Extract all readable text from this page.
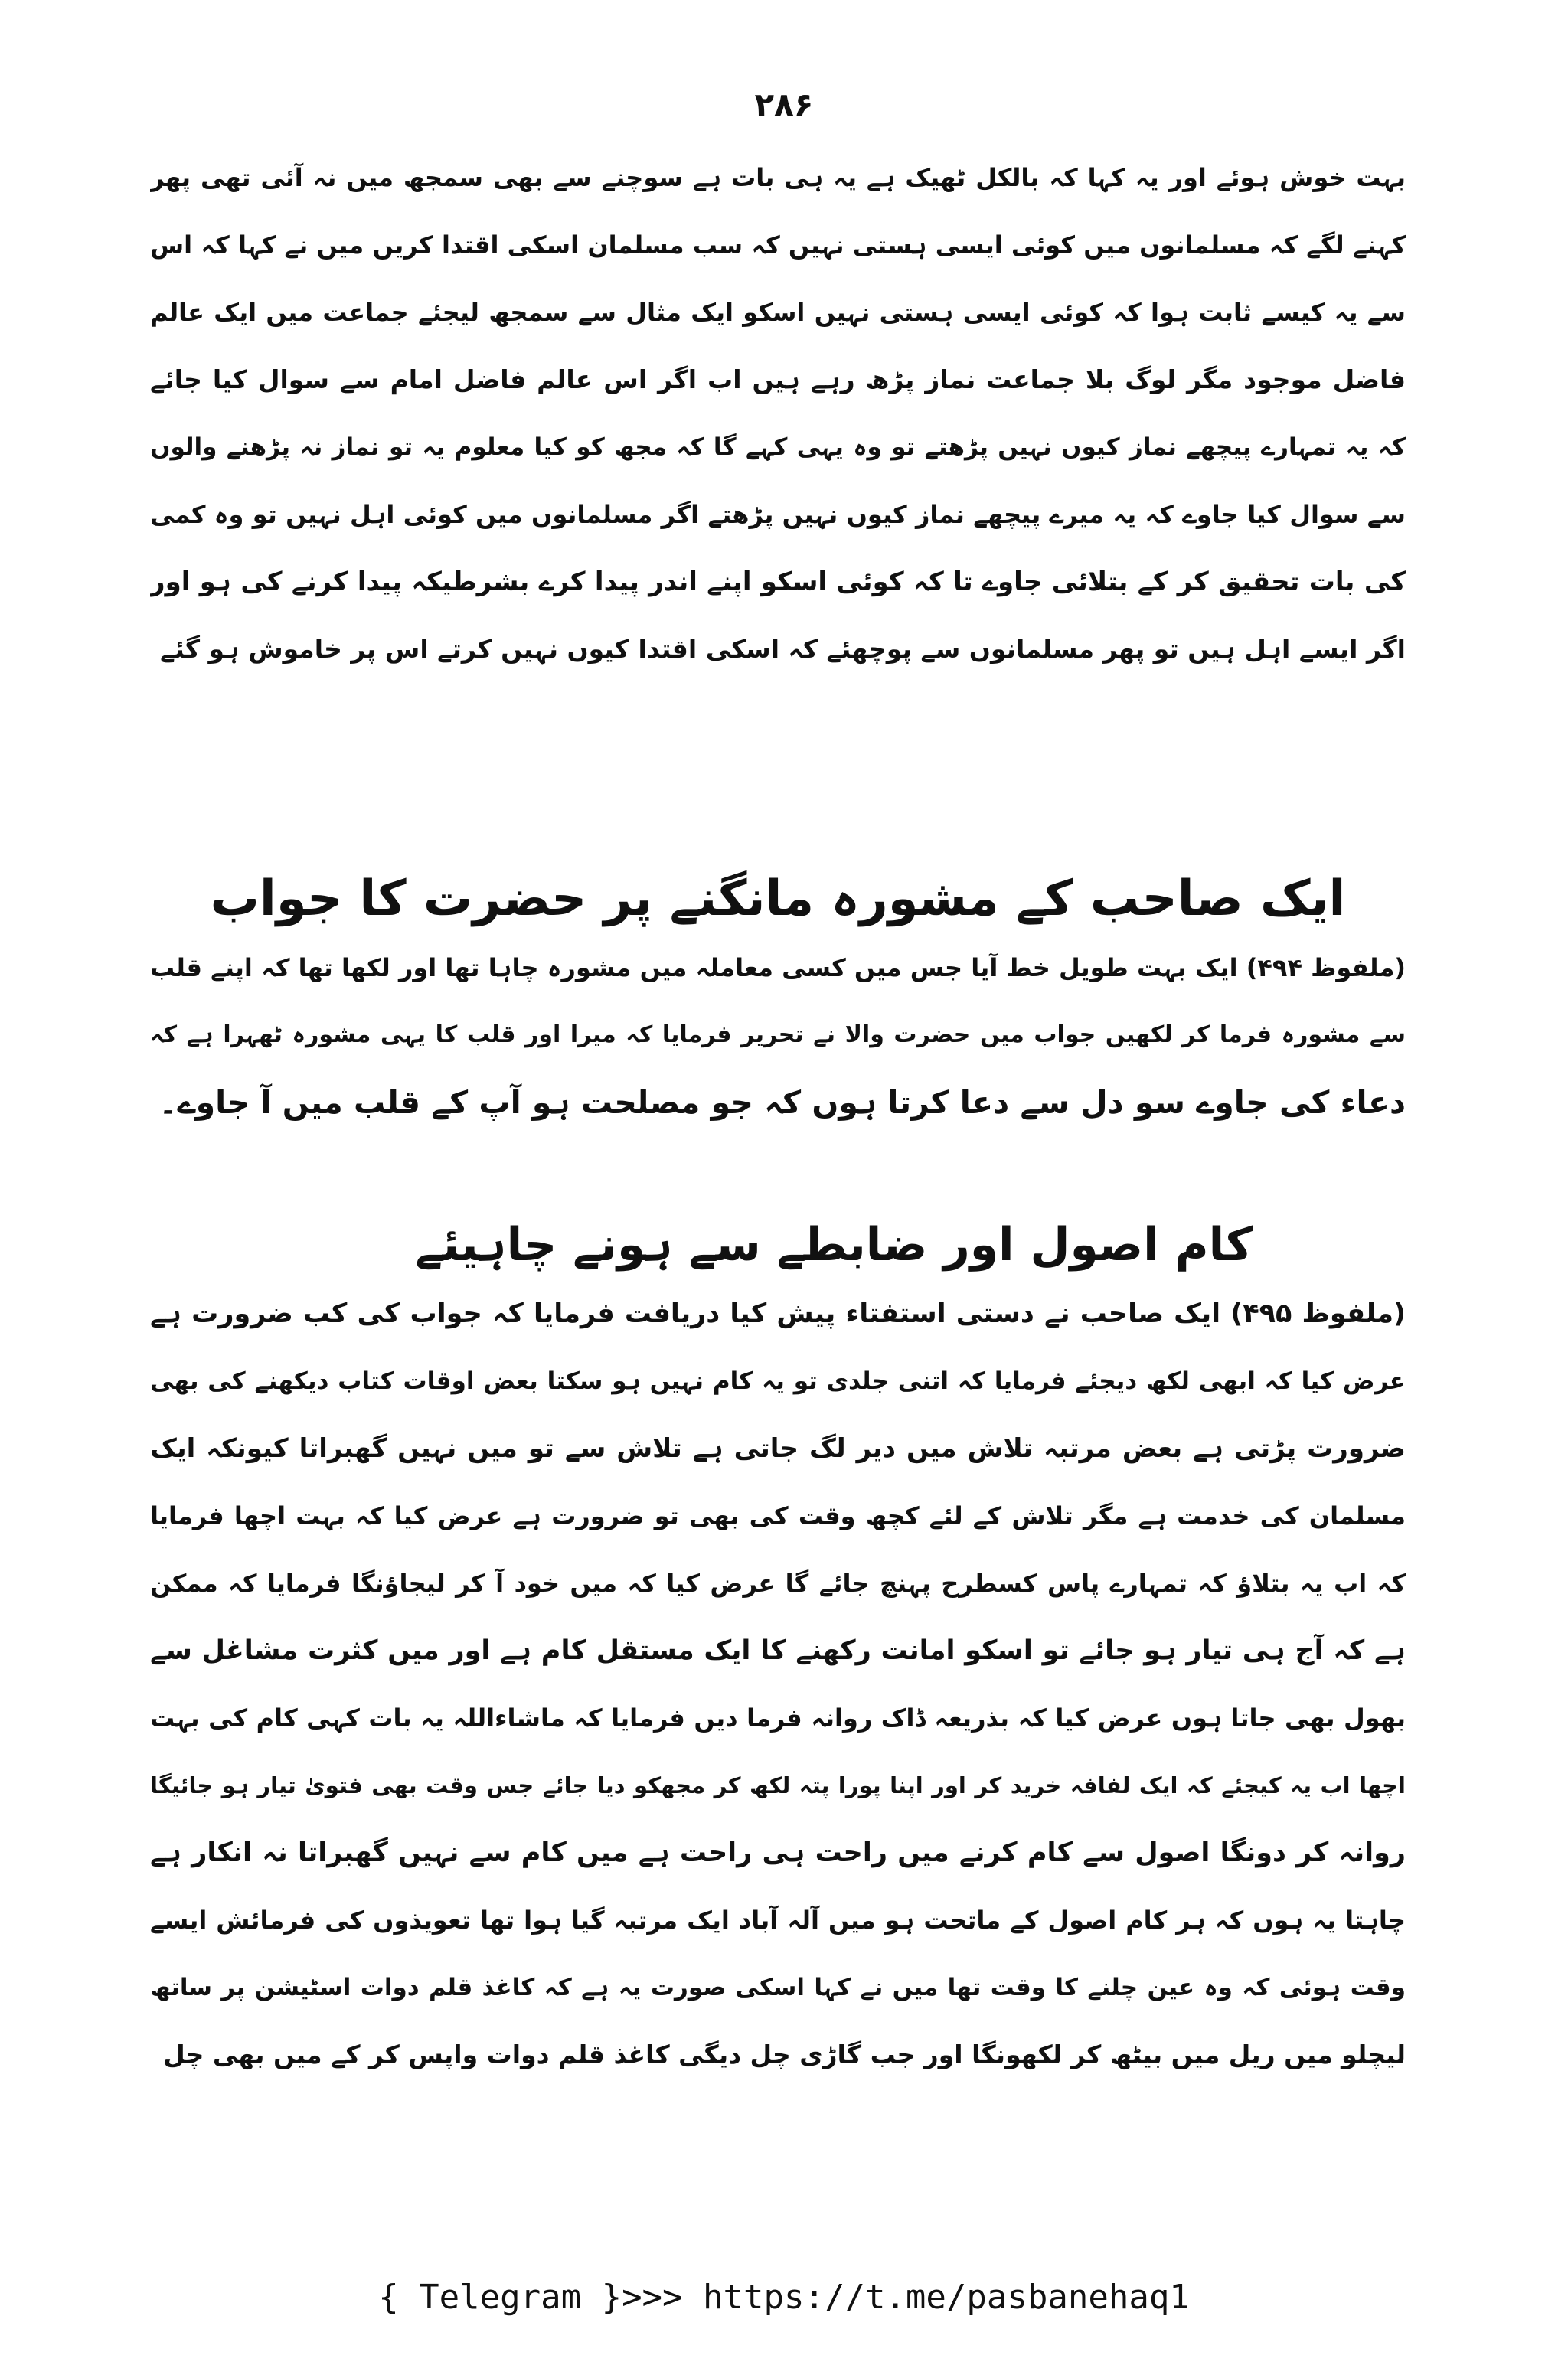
۲۸۶
بہت خوش ہوئے اور یہ کہا کہ بالکل ٹھیک ہے یہ ہی بات ہے سوچنے سے بھی سمجھ میں نہ آئی تھی پھر
کہنے لگے کہ مسلمانوں میں کوئی ایسی ہستی نہیں کہ سب مسلمان اسکی اقتدا کریں میں نے کہا کہ اس
سے یہ کیسے ثابت ہوا کہ کوئی ایسی ہستی نہیں اسکو ایک مثال سے سمجھ لیجئے جماعت میں ایک عالم
فاضل موجود مگر لوگ بلا جماعت نماز پڑھ رہے ہیں اب اگر اس عالم فاضل امام سے سوال کیا جائے
کہ یہ تمہارے پیچھے نماز کیوں نہیں پڑھتے تو وہ یہی کہے گا کہ مجھ کو کیا معلوم یہ تو نماز نہ پڑھنے والوں
سے سوال کیا جاوے کہ یہ میرے پیچھے نماز کیوں نہیں پڑھتے اگر مسلمانوں میں کوئی اہل نہیں تو وہ کمی
کی بات تحقیق کر کے بتلائی جاوے تا کہ کوئی اسکو اپنے اندر پیدا کرے بشرطیکہ پیدا کرنے کی ہو اور
اگر ایسے اہل ہیں تو پھر مسلمانوں سے پوچھئے کہ اسکی اقتدا کیوں نہیں کرتے اس پر خاموش ہو گئے
ایک صاحب کے مشورہ مانگنے پر حضرت کا جواب
(ملفوظ ۴۹۴) ایک بہت طویل خط آیا جس میں کسی معاملہ میں مشورہ چاہا تھا اور لکھا تھا کہ اپنے قلب
سے مشورہ فرما کر لکھیں جواب میں حضرت والا نے تحریر فرمایا کہ میرا اور قلب کا یہی مشورہ ٹھہرا ہے کہ
دعاء کی جاوے سو دل سے دعا کرتا ہوں کہ جو مصلحت ہو آپ کے قلب میں آ جاوے۔
کام اصول اور ضابطے سے ہونے چاہیئے
(ملفوظ ۴۹۵) ایک صاحب نے دستی استفتاء پیش کیا دریافت فرمایا کہ جواب کی کب ضرورت ہے
عرض کیا کہ ابھی لکھ دیجئے فرمایا کہ اتنی جلدی تو یہ کام نہیں ہو سکتا بعض اوقات کتاب دیکھنے کی بھی
ضرورت پڑتی ہے بعض مرتبہ تلاش میں دیر لگ جاتی ہے تلاش سے تو میں نہیں گھبراتا کیونکہ ایک
مسلمان کی خدمت ہے مگر تلاش کے لئے کچھ وقت کی بھی تو ضرورت ہے عرض کیا کہ بہت اچھا فرمایا
کہ اب یہ بتلاؤ کہ تمہارے پاس کسطرح پہنچ جائے گا عرض کیا کہ میں خود آ کر لیجاؤنگا فرمایا کہ ممکن
ہے کہ آج ہی تیار ہو جائے تو اسکو امانت رکھنے کا ایک مستقل کام ہے اور میں کثرت مشاغل سے
بھول بھی جاتا ہوں عرض کیا کہ بذریعہ ڈاک روانہ فرما دیں فرمایا کہ ماشاءاللہ یہ بات کہی کام کی بہت
اچھا اب یہ کیجئے کہ ایک لفافہ خرید کر اور اپنا پورا پتہ لکھ کر مجھکو دیا جائے جس وقت بھی فتویٰ تیار ہو جائیگا
روانہ کر دونگا اصول سے کام کرنے میں راحت ہی راحت ہے میں کام سے نہیں گھبراتا نہ انکار ہے
چاہتا یہ ہوں کہ ہر کام اصول کے ماتحت ہو میں آلہ آباد ایک مرتبہ گیا ہوا تھا تعویذوں کی فرمائش ایسے
وقت ہوئی کہ وہ عین چلنے کا وقت تھا میں نے کہا اسکی صورت یہ ہے کہ کاغذ قلم دوات اسٹیشن پر ساتھ
لیچلو میں ریل میں بیٹھ کر لکھونگا اور جب گاڑی چل دیگی کاغذ قلم دوات واپس کر کے میں بھی چل
{ Telegram }>>> https://t.me/pasbanehaq1
